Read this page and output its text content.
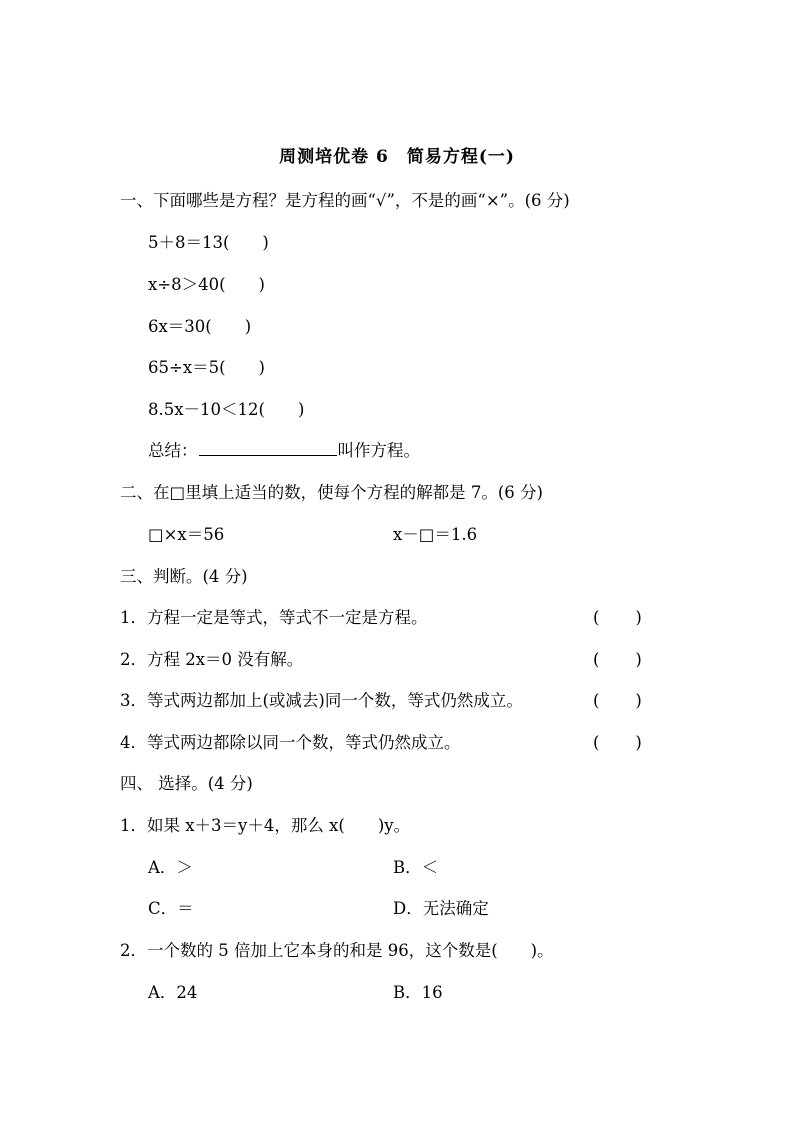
周测培优卷 6　简易方程(一)
一、下面哪些是方程？是方程的画“√”，不是的画“×”。(6 分)
5＋8＝13(　　)
x÷8＞40(　　)
6x＝30(　　)
65÷x＝5(　　)
8.5x－10＜12(　　)
总结：	叫作方程。
二、在□里填上适当的数，使每个方程的解都是 7。(6 分)
□×x＝56	x－□＝1.6
三、判断。(4 分)
1．方程一定是等式，等式不一定是方程。	(　　)
2．方程 2x＝0 没有解。	(　　)
3．等式两边都加上(或减去)同一个数，等式仍然成立。	(　　)
4．等式两边都除以同一个数，等式仍然成立。	(　　)
四、 选择。(4 分)
1．如果 x＋3＝y＋4，那么 x(　　)y。
A．＞	B．＜
C．＝	D．无法确定
2．一个数的 5 倍加上它本身的和是 96，这个数是(　　)。
A．24	B．16
